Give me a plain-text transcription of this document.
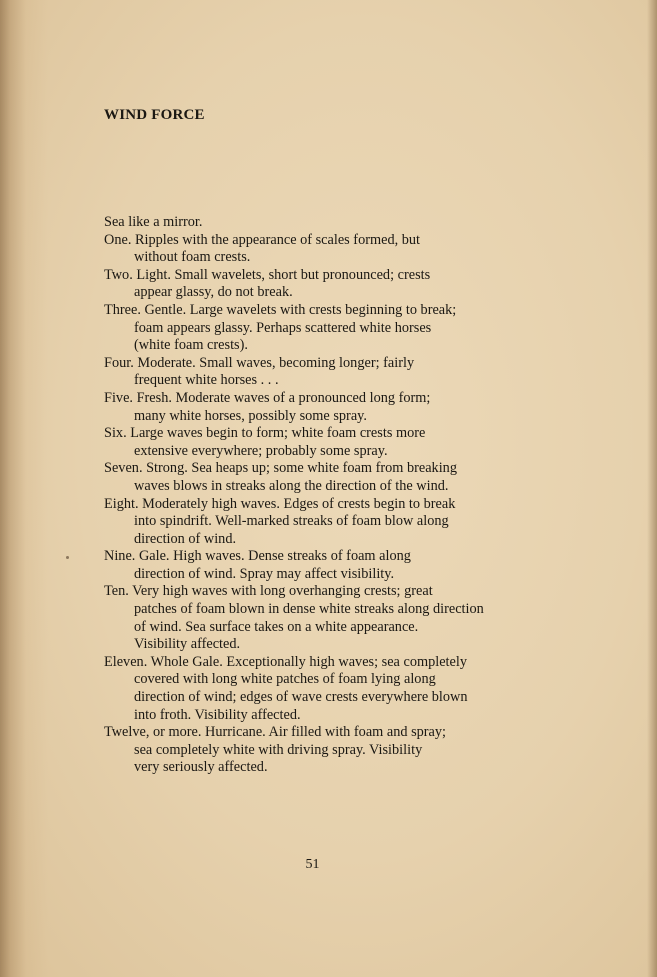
WIND FORCE
Sea like a mirror.
One. Ripples with the appearance of scales formed, but
without foam crests.
Two. Light. Small wavelets, short but pronounced; crests
appear glassy, do not break.
Three. Gentle. Large wavelets with crests beginning to break;
foam appears glassy. Perhaps scattered white horses
(white foam crests).
Four. Moderate. Small waves, becoming longer; fairly
frequent white horses . . .
Five. Fresh. Moderate waves of a pronounced long form;
many white horses, possibly some spray.
Six. Large waves begin to form; white foam crests more
extensive everywhere; probably some spray.
Seven. Strong. Sea heaps up; some white foam from breaking
waves blows in streaks along the direction of the wind.
Eight. Moderately high waves. Edges of crests begin to break
into spindrift. Well-marked streaks of foam blow along
direction of wind.
Nine. Gale. High waves. Dense streaks of foam along
direction of wind. Spray may affect visibility.
Ten. Very high waves with long overhanging crests; great
patches of foam blown in dense white streaks along direction
of wind. Sea surface takes on a white appearance.
Visibility affected.
Eleven. Whole Gale. Exceptionally high waves; sea completely
covered with long white patches of foam lying along
direction of wind; edges of wave crests everywhere blown
into froth. Visibility affected.
Twelve, or more. Hurricane. Air filled with foam and spray;
sea completely white with driving spray. Visibility
very seriously affected.
51
